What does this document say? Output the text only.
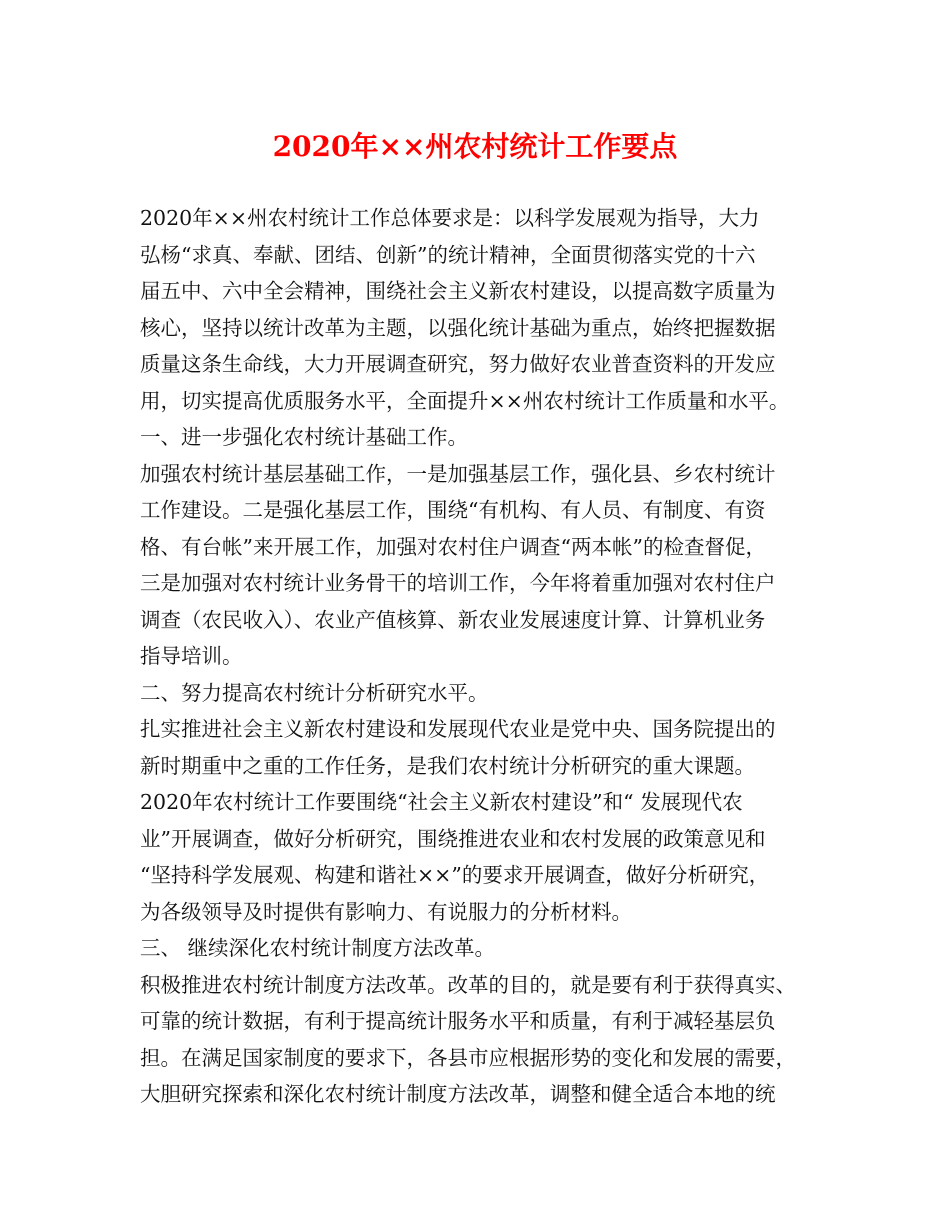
2020年××州农村统计工作要点
2020年××州农村统计工作总体要求是：以科学发展观为指导，大力
弘杨“求真、奉献、团结、创新”的统计精神，全面贯彻落实党的十六
届五中、六中全会精神，围绕社会主义新农村建设，以提高数字质量为
核心，坚持以统计改革为主题，以强化统计基础为重点，始终把握数据
质量这条生命线，大力开展调查研究，努力做好农业普查资料的开发应
用，切实提高优质服务水平，全面提升××州农村统计工作质量和水平。
一、进一步强化农村统计基础工作。
加强农村统计基层基础工作，一是加强基层工作，强化县、乡农村统计
工作建设。二是强化基层工作，围绕“有机构、有人员、有制度、有资
格、有台帐”来开展工作，加强对农村住户调查“两本帐”的检查督促，
三是加强对农村统计业务骨干的培训工作，今年将着重加强对农村住户
调查（农民收入）、农业产值核算、新农业发展速度计算、计算机业务
指导培训。
二、努力提高农村统计分析研究水平。
扎实推进社会主义新农村建设和发展现代农业是党中央、国务院提出的
新时期重中之重的工作任务，是我们农村统计分析研究的重大课题。
2020年农村统计工作要围绕“社会主义新农村建设”和“ 发展现代农
业”开展调查，做好分析研究，围绕推进农业和农村发展的政策意见和
“坚持科学发展观、构建和谐社××”的要求开展调查，做好分析研究，
为各级领导及时提供有影响力、有说服力的分析材料。
三、 继续深化农村统计制度方法改革。
积极推进农村统计制度方法改革。改革的目的，就是要有利于获得真实、
可靠的统计数据，有利于提高统计服务水平和质量，有利于减轻基层负
担。在满足国家制度的要求下，各县市应根据形势的变化和发展的需要，
大胆研究探索和深化农村统计制度方法改革，调整和健全适合本地的统
